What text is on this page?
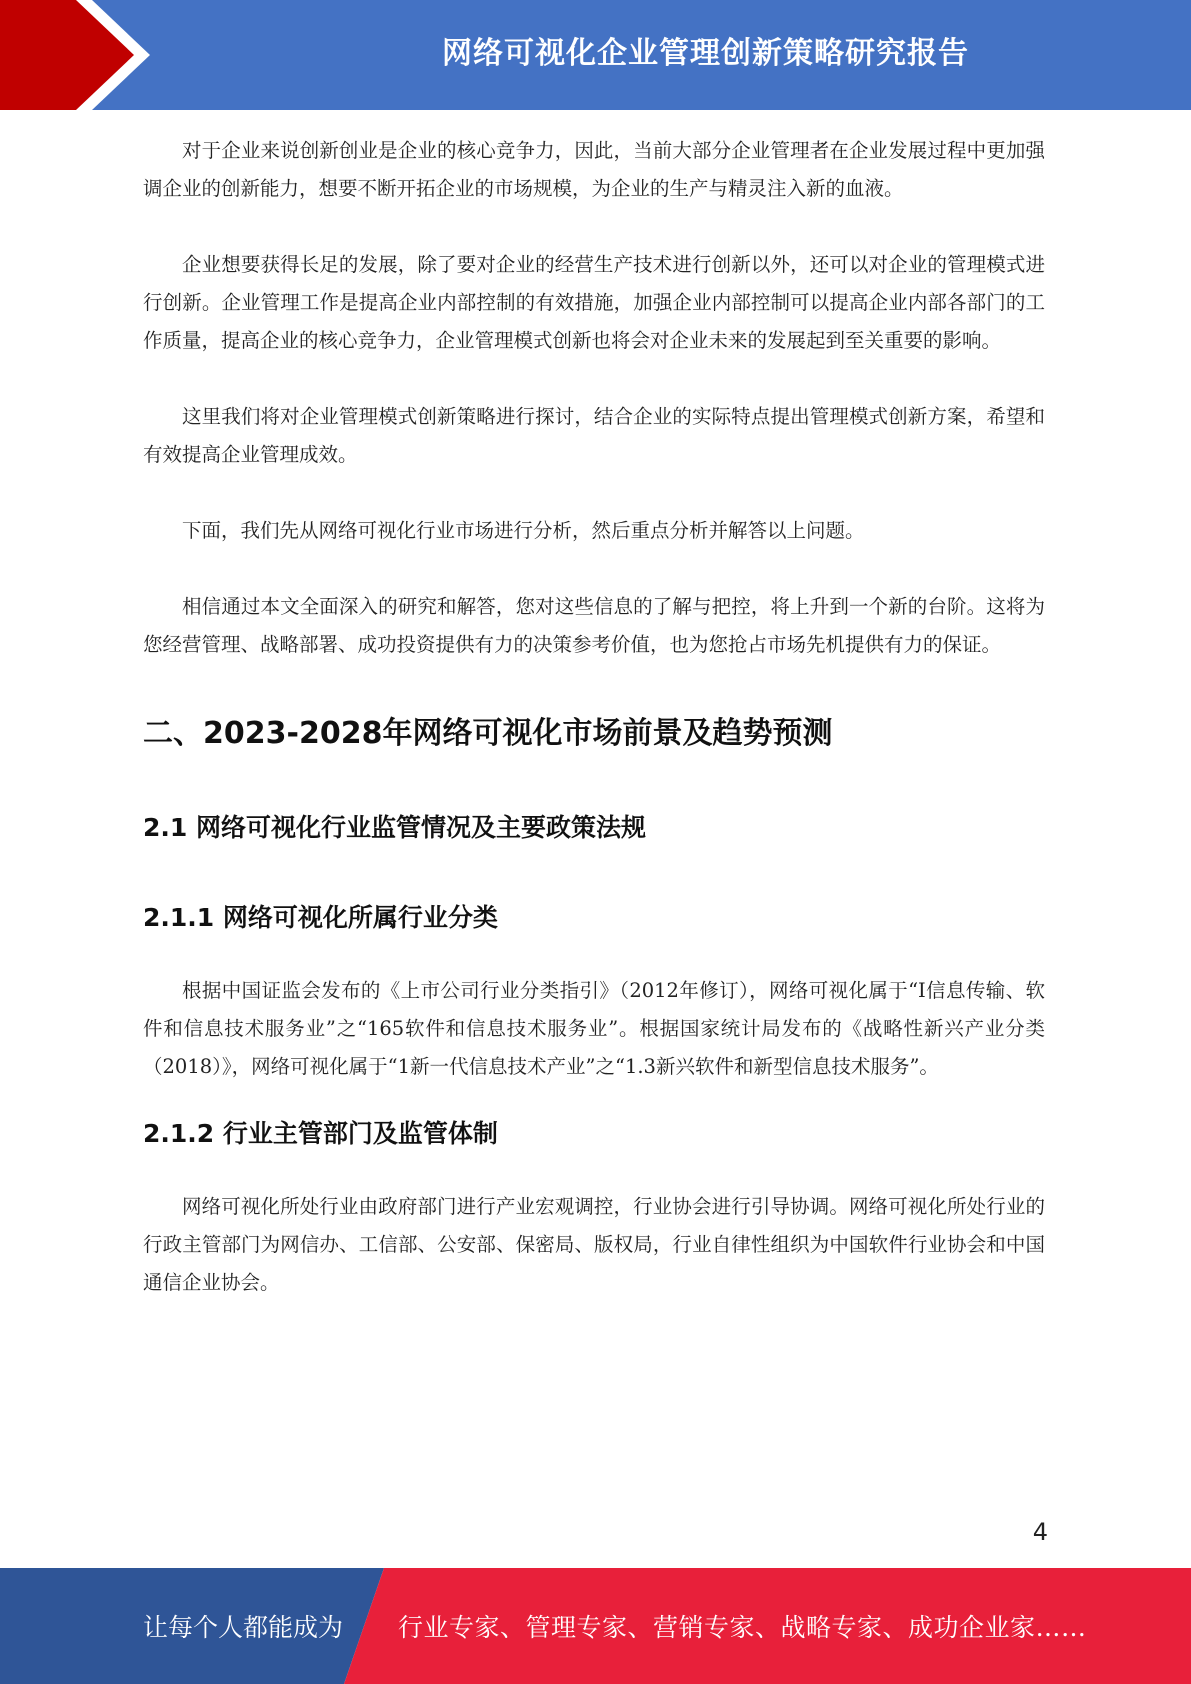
网络可视化企业管理创新策略研究报告

对于企业来说创新创业是企业的核心竞争力，因此，当前大部分企业管理者在企业发展过程中更加强调企业的创新能力，想要不断开拓企业的市场规模，为企业的生产与精灵注入新的血液。

企业想要获得长足的发展，除了要对企业的经营生产技术进行创新以外，还可以对企业的管理模式进行创新。企业管理工作是提高企业内部控制的有效措施，加强企业内部控制可以提高企业内部各部门的工作质量，提高企业的核心竞争力，企业管理模式创新也将会对企业未来的发展起到至关重要的影响。

这里我们将对企业管理模式创新策略进行探讨，结合企业的实际特点提出管理模式创新方案，希望和有效提高企业管理成效。

下面，我们先从网络可视化行业市场进行分析，然后重点分析并解答以上问题。

相信通过本文全面深入的研究和解答，您对这些信息的了解与把控，将上升到一个新的台阶。这将为您经营管理、战略部署、成功投资提供有力的决策参考价值，也为您抢占市场先机提供有力的保证。

二、2023-2028年网络可视化市场前景及趋势预测
2.1 网络可视化行业监管情况及主要政策法规
2.1.1 网络可视化所属行业分类

根据中国证监会发布的《上市公司行业分类指引》（2012年修订），网络可视化属于“I信息传输、软件和信息技术服务业”之“165软件和信息技术服务业”。根据国家统计局发布的《战略性新兴产业分类（2018）》，网络可视化属于“1新一代信息技术产业”之“1.3新兴软件和新型信息技术服务”。

2.1.2 行业主管部门及监管体制

网络可视化所处行业由政府部门进行产业宏观调控，行业协会进行引导协调。网络可视化所处行业的行政主管部门为网信办、工信部、公安部、保密局、版权局，行业自律性组织为中国软件行业协会和中国通信企业协会。

4
让每个人都能成为 行业专家、管理专家、营销专家、战略专家、成功企业家……
